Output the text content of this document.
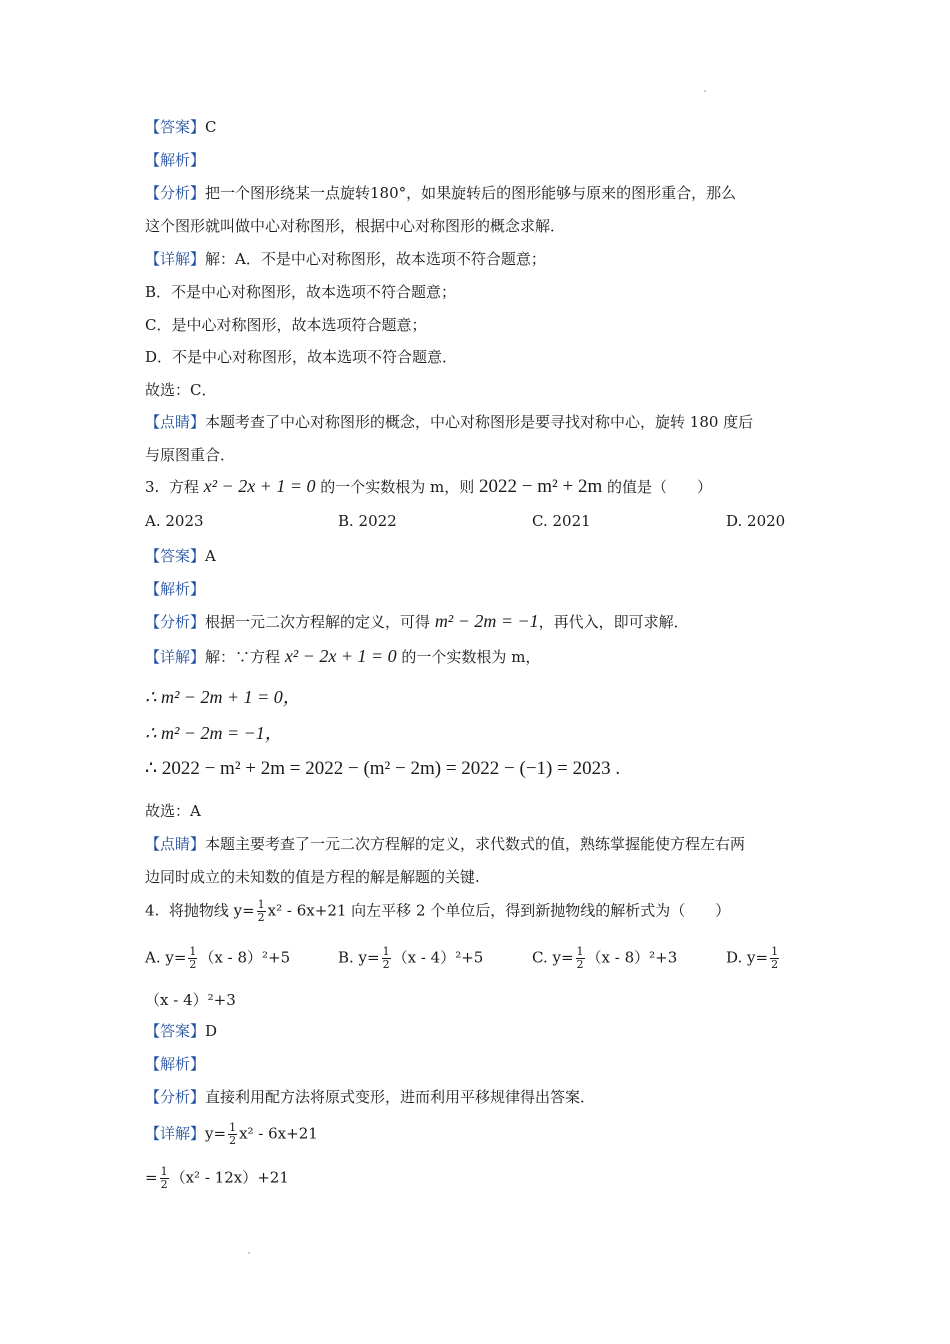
【答案】C
【解析】
【分析】把一个图形绕某一点旋转180°，如果旋转后的图形能够与原来的图形重合，那么
这个图形就叫做中心对称图形，根据中心对称图形的概念求解．
【详解】解：A．不是中心对称图形，故本选项不符合题意；
B．不是中心对称图形，故本选项不符合题意；
C．是中心对称图形，故本选项符合题意；
D．不是中心对称图形，故本选项不符合题意．
故选：C．
【点睛】本题考查了中心对称图形的概念，中心对称图形是要寻找对称中心，旋转 180 度后
与原图重合．
3. 方程 x² − 2x + 1 = 0 的一个实数根为 m，则 2022 − m² + 2m 的值是（　　）
A. 2023	B. 2022	C. 2021	D. 2020
【答案】A
【解析】
【分析】根据一元二次方程解的定义，可得 m² − 2m = −1，再代入，即可求解．
【详解】解：∵方程 x² − 2x + 1 = 0 的一个实数根为 m，
∴ m² − 2m + 1 = 0，
∴ m² − 2m = −1，
∴ 2022 − m² + 2m = 2022 − (m² − 2m) = 2022 − (−1) = 2023 .
故选：A
【点睛】本题主要考查了一元二次方程解的定义，求代数式的值，熟练掌握能使方程左右两
边同时成立的未知数的值是方程的解是解题的关键.
4. 将抛物线 $y= \frac{1}{2} x^2 - 6x+21$ 向左平移 2 个单位后，得到新抛物线的解析式为（　　）
A. $y= \frac{1}{2} (x - 8)^2+5$	B. $y= \frac{1}{2} (x - 4)^2+5$	C. $y= \frac{1}{2} (x - 8)^2+3$	D. $y= \frac{1}{2}$
（x - 4）²+3
【答案】D
【解析】
【分析】直接利用配方法将原式变形，进而利用平移规律得出答案．
【详解】$y= \frac{1}{2} x^2 - 6x+21$
= $\frac{1}{2} (x^2 - 12x)+21$
